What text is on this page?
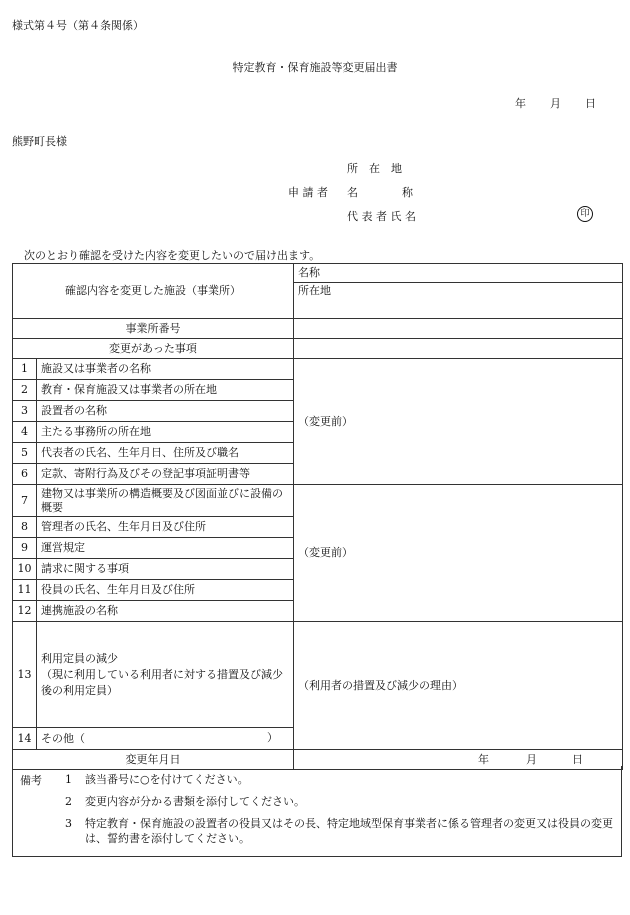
様式第４号（第４条関係）
特定教育・保育施設等変更届出書
年 月 日
熊野町長様
所　在　地
申 請 者 名　　　　称
代 表 者 氏 名	印
次のとおり確認を受けた内容を変更したいので届け出ます。
確認内容を変更した施設（事業所）		名称
所在地

事業所番号		
変更があった事項		
1	施設又は事業者の名称	（変更前）
2	教育・保育施設又は事業者の所在地	
3	設置者の名称	
4	主たる事務所の所在地	
5	代表者の氏名、生年月日、住所及び職名	
6	定款、寄附行為及びその登記事項証明書等	
7	建物又は事業所の構造概要及び図面並びに設備の概要	（変更前）
8	管理者の氏名、生年月日及び住所	
9	運営規定	
10	請求に関する事項	
11	役員の氏名、生年月日及び住所	
12	連携施設の名称	
13	利用定員の減少
（現に利用している利用者に対する措置及び減少後の利用定員）	（利用者の措置及び減少の理由）
14	その他（ ）	

変更年月日		年 月 日
備考 1 該当番号に○を付けてください。
2 変更内容が分かる書類を添付してください。
3 特定教育・保育施設の設置者の役員又はその長、特定地域型保育事業者に係る管理者の変更又は役員の変更は、誓約書を添付してください。
